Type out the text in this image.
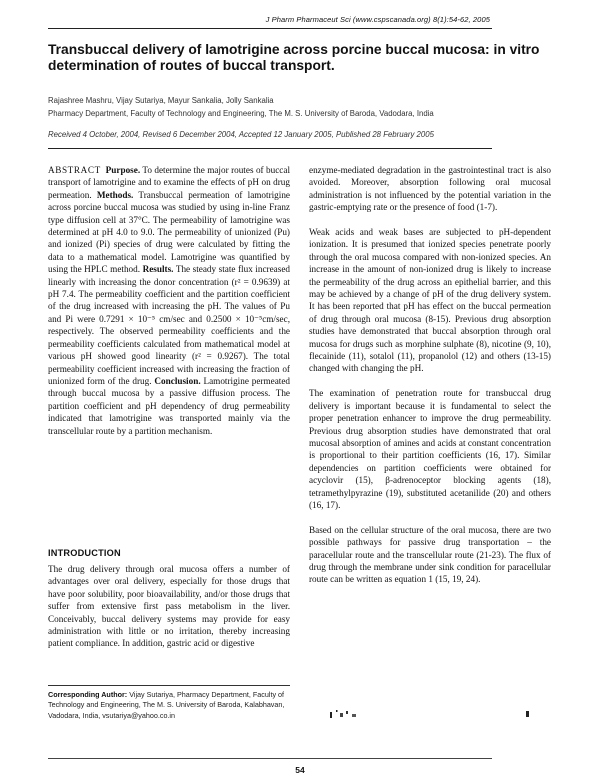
J Pharm Pharmaceut Sci (www.cspscanada.org) 8(1):54-62, 2005
Transbuccal delivery of lamotrigine across porcine buccal mucosa: in vitro determination of routes of buccal transport.
Rajashree Mashru, Vijay Sutariya, Mayur Sankalia, Jolly Sankalia
Pharmacy Department, Faculty of Technology and Engineering, The M. S. University of Baroda, Vadodara, India
Received 4 October, 2004, Revised 6 December 2004, Accepted 12 January 2005, Published 28 February 2005

ABSTRACT Purpose. To determine the major routes of buccal transport of lamotrigine and to examine the effects of pH on drug permeation. Methods. Transbuccal permeation of lamotrigine across porcine buccal mucosa was studied by using in-line Franz type diffusion cell at 37°C. The permeability of lamotrigine was determined at pH 4.0 to 9.0. The permeability of unionized (Pu) and ionized (Pi) species of drug were calculated by fitting the data to a mathematical model. Lamotrigine was quantified by using the HPLC method. Results. The steady state flux increased linearly with increasing the donor concentration (r² = 0.9639) at pH 7.4. The permeability coefficient and the partition coefficient of the drug increased with increasing the pH. The values of Pu and Pi were 0.7291 × 10⁻⁵ cm/sec and 0.2500 × 10⁻⁵cm/sec, respectively. The observed permeability coefficients and the permeability coefficients calculated from mathematical model at various pH showed good linearity (r² = 0.9267). The total permeability coefficient increased with increasing the fraction of unionized form of the drug. Conclusion. Lamotrigine permeated through buccal mucosa by a passive diffusion process. The partition coefficient and pH dependency of drug permeability indicated that lamotrigine was transported mainly via the transcellular route by a partition mechanism.

INTRODUCTION

The drug delivery through oral mucosa offers a number of advantages over oral delivery, especially for those drugs that have poor solubility, poor bioavailability, and/or those drugs that suffer from extensive first pass metabolism in the liver. Conceivably, buccal delivery systems may provide for easy administration with little or no irritation, thereby increasing patient compliance. In addition, gastric acid or digestive

Corresponding Author: Vijay Sutariya, Pharmacy Department, Faculty of Technology and Engineering, The M. S. University of Baroda, Kalabhavan, Vadodara, India, vsutariya@yahoo.co.in

enzyme-mediated degradation in the gastrointestinal tract is also avoided. Moreover, absorption following oral mucosal administration is not influenced by the potential variation in the gastric-emptying rate or the presence of food (1-7).

Weak acids and weak bases are subjected to pH-dependent ionization. It is presumed that ionized species penetrate poorly through the oral mucosa compared with non-ionized species. An increase in the amount of non-ionized drug is likely to increase the permeability of the drug across an epithelial barrier, and this may be achieved by a change of pH of the drug delivery system. It has been reported that pH has effect on the buccal permeation of drug through oral mucosa (8-15). Previous drug absorption studies have demonstrated that buccal absorption through oral mucosa for drugs such as morphine sulphate (8), nicotine (9, 10), flecainide (11), sotalol (11), propanolol (12) and others (13-15) changed with changing the pH.

The examination of penetration route for transbuccal drug delivery is important because it is fundamental to select the proper penetration enhancer to improve the drug permeability. Previous drug absorption studies have demonstrated that oral mucosal absorption of amines and acids at constant concentration is proportional to their partition coefficients (16, 17). Similar dependencies on partition coefficients were obtained for acyclovir (15), β-adrenoceptor blocking agents (18), tetramethylpyrazine (19), substituted acetanilide (20) and others (16, 17).

Based on the cellular structure of the oral mucosa, there are two possible pathways for passive drug transportation – the paracellular route and the transcellular route (21-23). The flux of drug through the membrane under sink condition for paracellular route can be written as equation 1 (15, 19, 24).

54
